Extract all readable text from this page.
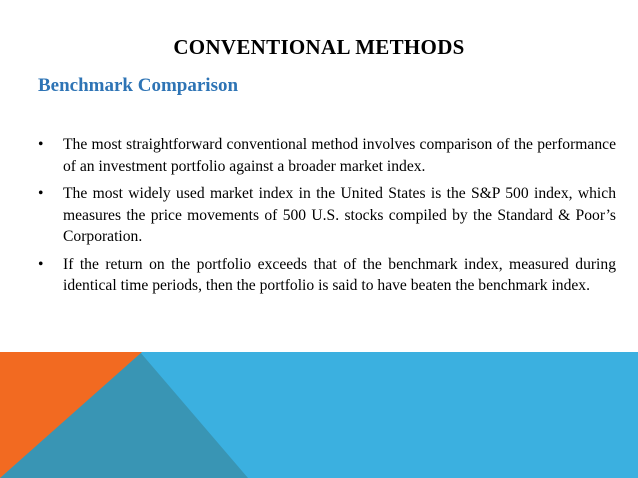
CONVENTIONAL METHODS
Benchmark Comparison
•	The most straightforward conventional method involves comparison of the performance of an investment portfolio against a broader market index.
•	The most widely used market index in the United States is the S&P 500 index, which measures the price movements of 500 U.S. stocks compiled by the Standard & Poor’s Corporation.
•	If the return on the portfolio exceeds that of the benchmark index, measured during identical time periods, then the portfolio is said to have beaten the benchmark index.
